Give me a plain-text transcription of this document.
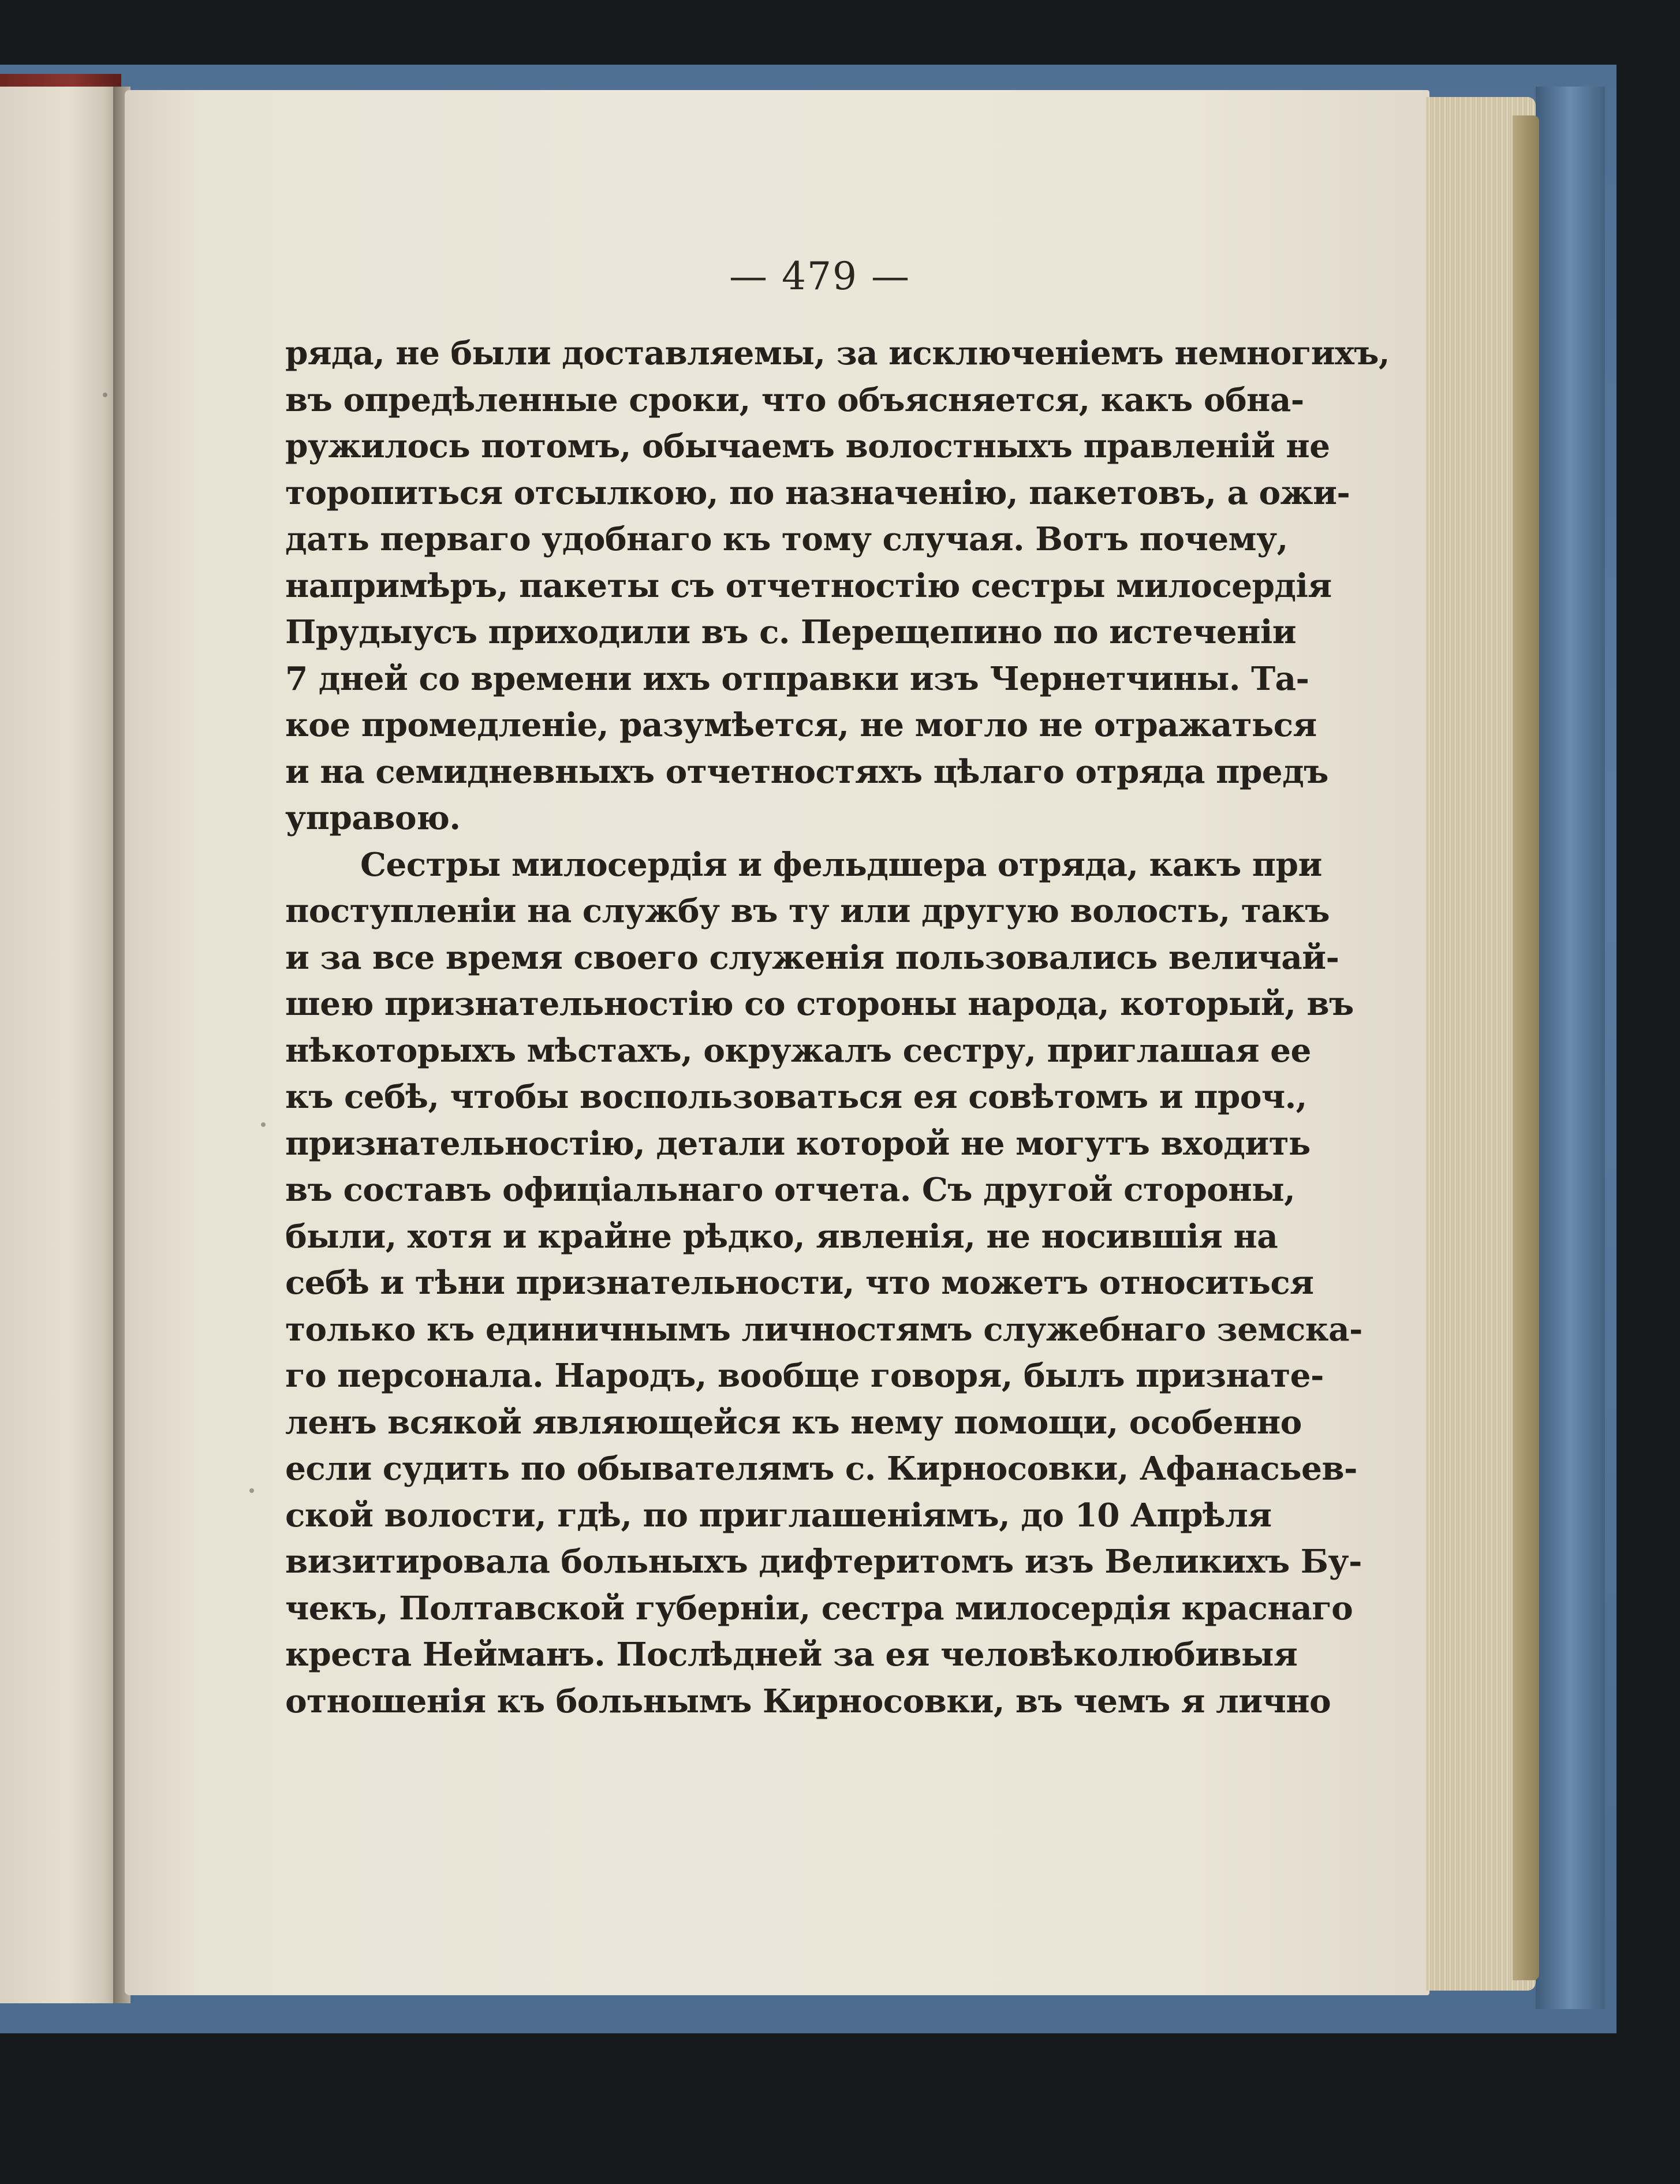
— 479 —
ряда, не были доставляемы, за исключенiемъ немногихъ,
въ опредѣленные сроки, что объясняется, какъ обна-
ружилось потомъ, обычаемъ волостныхъ правленiй не
торопиться отсылкою, по назначенiю, пакетовъ, а ожи-
дать перваго удобнаго къ тому случая. Вотъ почему,
напримѣръ, пакеты съ отчетностiю сестры милосердiя
Прудыусъ приходили въ с. Перещепино по истеченiи
7 дней со времени ихъ отправки изъ Чернетчины. Та-
кое промедленiе, разумѣется, не могло не отражаться
и на семидневныхъ отчетностяхъ цѣлаго отряда предъ
управою.
Сестры милосердiя и фельдшера отряда, какъ при
поступленiи на службу въ ту или другую волость, такъ
и за все время своего служенiя пользовались величай-
шею признательностiю со стороны народа, который, въ
нѣкоторыхъ мѣстахъ, окружалъ сестру, приглашая ее
къ себѣ, чтобы воспользоваться ея совѣтомъ и проч.,
признательностiю, детали которой не могутъ входить
въ составъ офицiальнаго отчета. Съ другой стороны,
были, хотя и крайне рѣдко, явленiя, не носившiя на
себѣ и тѣни признательности, что можетъ относиться
только къ единичнымъ личностямъ служебнаго земска-
го персонала. Народъ, вообще говоря, былъ признате-
ленъ всякой являющейся къ нему помощи, особенно
если судить по обывателямъ с. Кирносовки, Афанасьев-
ской волости, гдѣ, по приглашенiямъ, до 10 Апрѣля
визитировала больныхъ дифтеритомъ изъ Великихъ Бу-
чекъ, Полтавской губернiи, сестра милосердiя краснаго
креста Нейманъ. Послѣдней за ея человѣколюбивыя
отношенiя къ больнымъ Кирносовки, въ чемъ я лично
